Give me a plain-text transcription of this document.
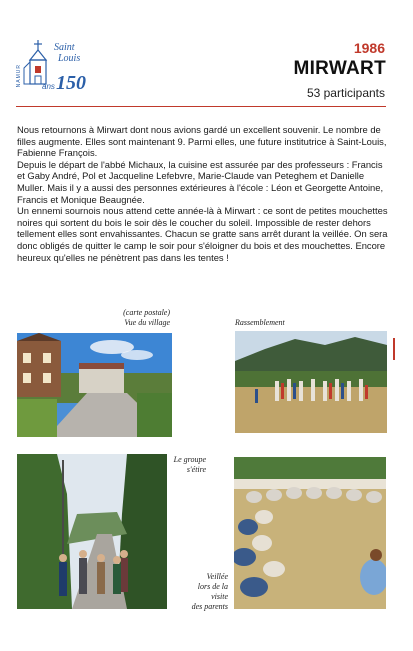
Saint
Louis
NAMUR	ans 150
1986
MIRWART
53 participants

Nous retournons à Mirwart dont nous avions gardé un excellent souvenir. Le nombre de filles augmente. Elles sont maintenant 9. Parmi elles, une future institutrice à Saint-Louis, Fabienne François.

Depuis le départ de l'abbé Michaux, la cuisine est assurée par des professeurs : Francis et Gaby André, Pol et Jacqueline Lefebvre, Marie-Claude van Peteghem et Danielle Muller. Mais il y a aussi des personnes extérieures à l'école : Léon et Georgette Antoine, Francis et Monique Beaugnée.

Un ennemi sournois nous attend cette année-là à Mirwart : ce sont de petites mouchettes noires qui sortent du bois le soir dès le coucher du soleil. Impossible de rester dehors tellement elles sont envahissantes. Chacun se gratte sans arrêt durant la veillée. On sera donc obligés de quitter le camp le soir pour s'éloigner du bois et des mouchettes. Encore heureux qu'elles ne pénètrent pas dans les tentes !

(carte postale)
Vue du village	Rassemblement
Le groupe
s'étire
Veillée
lors de la
visite
des parents
